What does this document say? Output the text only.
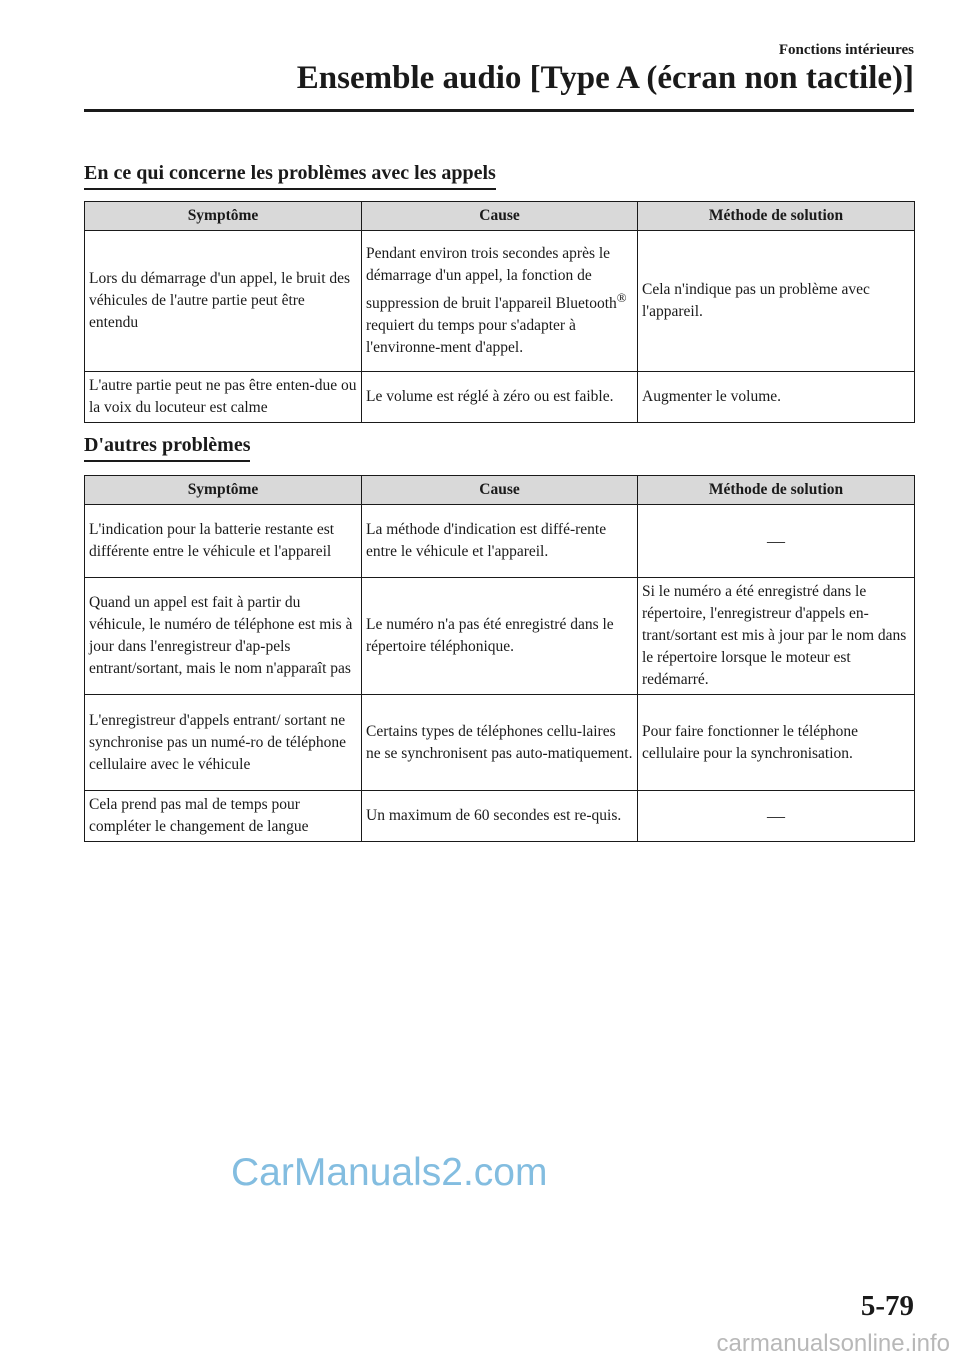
Fonctions intérieures
Ensemble audio [Type A (écran non tactile)]
En ce qui concerne les problèmes avec les appels
Symptôme	Cause	Méthode de solution
Lors du démarrage d'un appel, le bruit des véhicules de l'autre partie peut être entendu	Pendant environ trois secondes après le démarrage d'un appel, la fonction de suppression de bruit l'appareil Bluetooth® requiert du temps pour s'adapter à l'environne-ment d'appel.	Cela n'indique pas un problème avec l'appareil.
L'autre partie peut ne pas être enten-due ou la voix du locuteur est calme	Le volume est réglé à zéro ou est faible.	Augmenter le volume.
D'autres problèmes
Symptôme	Cause	Méthode de solution
L'indication pour la batterie restante est différente entre le véhicule et l'appareil	La méthode d'indication est diffé-rente entre le véhicule et l'appareil.	—
Quand un appel est fait à partir du véhicule, le numéro de téléphone est mis à jour dans l'enregistreur d'ap-pels entrant/sortant, mais le nom n'apparaît pas	Le numéro n'a pas été enregistré dans le répertoire téléphonique.	Si le numéro a été enregistré dans le répertoire, l'enregistreur d'appels en-trant/sortant est mis à jour par le nom dans le répertoire lorsque le moteur est redémarré.
L'enregistreur d'appels entrant/ sortant ne synchronise pas un numé-ro de téléphone cellulaire avec le véhicule	Certains types de téléphones cellu-laires ne se synchronisent pas auto-matiquement.	Pour faire fonctionner le téléphone cellulaire pour la synchronisation.
Cela prend pas mal de temps pour compléter le changement de langue	Un maximum de 60 secondes est re-quis.	—
CarManuals2.com
5-79
carmanualsonline.info
